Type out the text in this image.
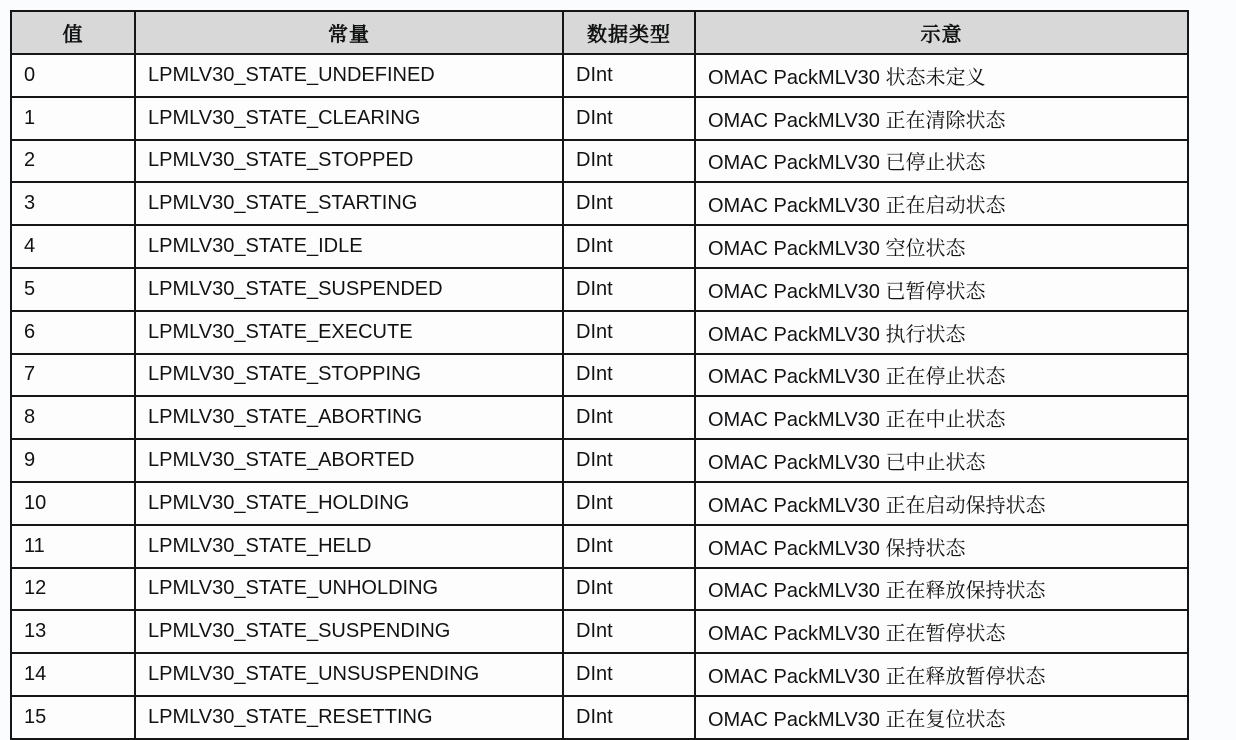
值	常量	数据类型	示意
0	LPMLV30_STATE_UNDEFINED	DInt	OMAC PackMLV30 状态未定义
1	LPMLV30_STATE_CLEARING	DInt	OMAC PackMLV30 正在清除状态
2	LPMLV30_STATE_STOPPED	DInt	OMAC PackMLV30 已停止状态
3	LPMLV30_STATE_STARTING	DInt	OMAC PackMLV30 正在启动状态
4	LPMLV30_STATE_IDLE	DInt	OMAC PackMLV30 空位状态
5	LPMLV30_STATE_SUSPENDED	DInt	OMAC PackMLV30 已暂停状态
6	LPMLV30_STATE_EXECUTE	DInt	OMAC PackMLV30 执行状态
7	LPMLV30_STATE_STOPPING	DInt	OMAC PackMLV30 正在停止状态
8	LPMLV30_STATE_ABORTING	DInt	OMAC PackMLV30 正在中止状态
9	LPMLV30_STATE_ABORTED	DInt	OMAC PackMLV30 已中止状态
10	LPMLV30_STATE_HOLDING	DInt	OMAC PackMLV30 正在启动保持状态
11	LPMLV30_STATE_HELD	DInt	OMAC PackMLV30 保持状态
12	LPMLV30_STATE_UNHOLDING	DInt	OMAC PackMLV30 正在释放保持状态
13	LPMLV30_STATE_SUSPENDING	DInt	OMAC PackMLV30 正在暂停状态
14	LPMLV30_STATE_UNSUSPENDING	DInt	OMAC PackMLV30 正在释放暂停状态
15	LPMLV30_STATE_RESETTING	DInt	OMAC PackMLV30 正在复位状态
